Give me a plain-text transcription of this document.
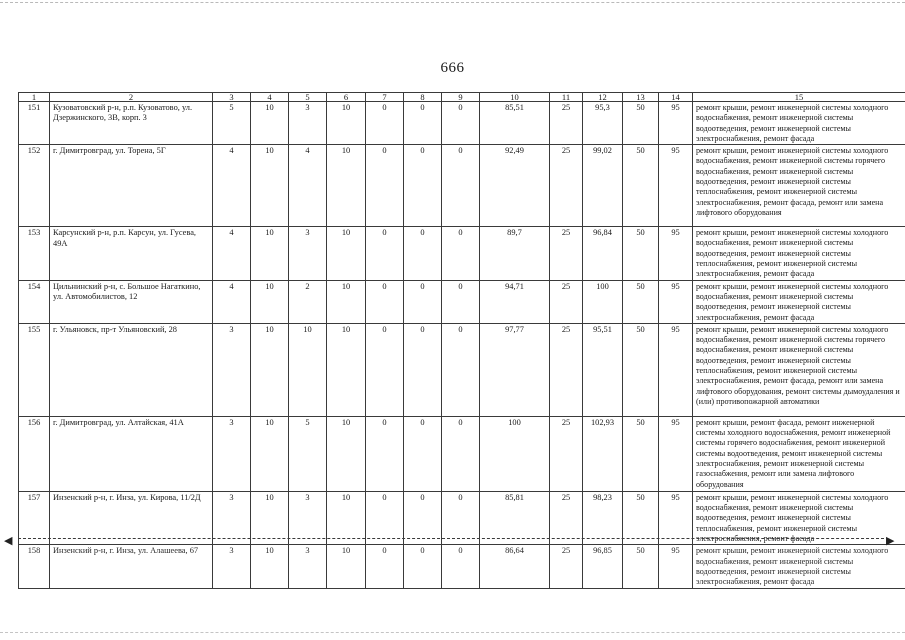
666
1	2	3	4	5	6	7	8	9	10	11	12	13	14	15
151	Кузоватовский р-н, р.п. Кузоватово, ул. Дзержинского, 3В, корп. 3	5	10	3	10	0	0	0	85,51	25	95,3	50	95	ремонт крыши, ремонт инженерной системы холодного водоснабжения, ремонт инженерной системы водоотведения, ремонт инженерной системы электроснабжения, ремонт фасада
152	г. Димитровград, ул. Торена, 5Г	4	10	4	10	0	0	0	92,49	25	99,02	50	95	ремонт крыши, ремонт инженерной системы холодного водоснабжения, ремонт инженерной системы горячего водоснабжения, ремонт инженерной системы водоотведения, ремонт инженерной системы теплоснабжения, ремонт инженерной системы электроснабжения, ремонт фасада, ремонт или замена лифтового оборудования
153	Карсунский р-н, р.п. Карсун, ул. Гусева, 49А	4	10	3	10	0	0	0	89,7	25	96,84	50	95	ремонт крыши, ремонт инженерной системы холодного водоснабжения, ремонт инженерной системы водоотведения, ремонт инженерной системы теплоснабжения, ремонт инженерной системы электроснабжения, ремонт фасада
154	Цильнинский р-н, с. Большое Нагаткино, ул. Автомобилистов, 12	4	10	2	10	0	0	0	94,71	25	100	50	95	ремонт крыши, ремонт инженерной системы холодного водоснабжения, ремонт инженерной системы водоотведения, ремонт инженерной системы электроснабжения, ремонт фасада
155	г. Ульяновск, пр-т Ульяновский, 28	3	10	10	10	0	0	0	97,77	25	95,51	50	95	ремонт крыши, ремонт инженерной системы холодного водоснабжения, ремонт инженерной системы горячего водоснабжения, ремонт инженерной системы водоотведения, ремонт инженерной системы теплоснабжения, ремонт инженерной системы электроснабжения, ремонт фасада, ремонт или замена лифтового оборудования, ремонт системы дымоудаления и (или) противопожарной автоматики
156	г. Димитровград, ул. Алтайская, 41А	3	10	5	10	0	0	0	100	25	102,93	50	95	ремонт крыши, ремонт фасада, ремонт инженерной системы холодного водоснабжения, ремонт инженерной системы горячего водоснабжения, ремонт инженерной системы водоотведения, ремонт инженерной системы электроснабжения, ремонт инженерной системы газоснабжения, ремонт или замена лифтового оборудования
157	Инзенский р-н, г. Инза, ул. Кирова, 11/2Д	3	10	3	10	0	0	0	85,81	25	98,23	50	95	ремонт крыши, ремонт инженерной системы холодного водоснабжения, ремонт инженерной системы водоотведения, ремонт инженерной системы теплоснабжения, ремонт инженерной системы электроснабжения, ремонт фасада
158	Инзенский р-н, г. Инза, ул. Алашеева, 67	3	10	3	10	0	0	0	86,64	25	96,85	50	95	ремонт крыши, ремонт инженерной системы холодного водоснабжения, ремонт инженерной системы водоотведения, ремонт инженерной системы электроснабжения, ремонт фасада
◀	▶
